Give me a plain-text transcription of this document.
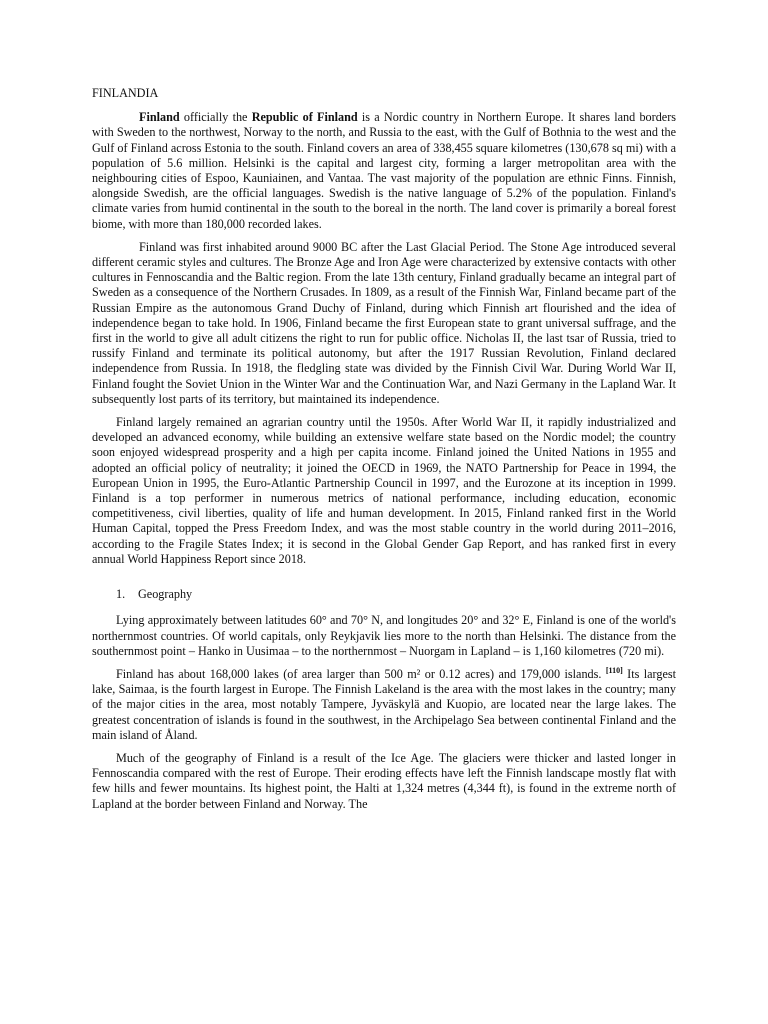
FINLANDIA

Finland officially the Republic of Finland is a Nordic country in Northern Europe. It shares land borders with Sweden to the northwest, Norway to the north, and Russia to the east, with the Gulf of Bothnia to the west and the Gulf of Finland across Estonia to the south. Finland covers an area of 338,455 square kilometres (130,678 sq mi) with a population of 5.6 million. Helsinki is the capital and largest city, forming a larger metropolitan area with the neighbouring cities of Espoo, Kauniainen, and Vantaa. The vast majority of the population are ethnic Finns. Finnish, alongside Swedish, are the official languages. Swedish is the native language of 5.2% of the population. Finland's climate varies from humid continental in the south to the boreal in the north. The land cover is primarily a boreal forest biome, with more than 180,000 recorded lakes.

Finland was first inhabited around 9000 BC after the Last Glacial Period. The Stone Age introduced several different ceramic styles and cultures. The Bronze Age and Iron Age were characterized by extensive contacts with other cultures in Fennoscandia and the Baltic region. From the late 13th century, Finland gradually became an integral part of Sweden as a consequence of the Northern Crusades. In 1809, as a result of the Finnish War, Finland became part of the Russian Empire as the autonomous Grand Duchy of Finland, during which Finnish art flourished and the idea of independence began to take hold. In 1906, Finland became the first European state to grant universal suffrage, and the first in the world to give all adult citizens the right to run for public office. Nicholas II, the last tsar of Russia, tried to russify Finland and terminate its political autonomy, but after the 1917 Russian Revolution, Finland declared independence from Russia. In 1918, the fledgling state was divided by the Finnish Civil War. During World War II, Finland fought the Soviet Union in the Winter War and the Continuation War, and Nazi Germany in the Lapland War. It subsequently lost parts of its territory, but maintained its independence.

Finland largely remained an agrarian country until the 1950s. After World War II, it rapidly industrialized and developed an advanced economy, while building an extensive welfare state based on the Nordic model; the country soon enjoyed widespread prosperity and a high per capita income. Finland joined the United Nations in 1955 and adopted an official policy of neutrality; it joined the OECD in 1969, the NATO Partnership for Peace in 1994, the European Union in 1995, the Euro-Atlantic Partnership Council in 1997, and the Eurozone at its inception in 1999. Finland is a top performer in numerous metrics of national performance, including education, economic competitiveness, civil liberties, quality of life and human development. In 2015, Finland ranked first in the World Human Capital, topped the Press Freedom Index, and was the most stable country in the world during 2011–2016, according to the Fragile States Index; it is second in the Global Gender Gap Report, and has ranked first in every annual World Happiness Report since 2018.

1.	Geography

Lying approximately between latitudes 60° and 70° N, and longitudes 20° and 32° E, Finland is one of the world's northernmost countries. Of world capitals, only Reykjavik lies more to the north than Helsinki. The distance from the southernmost point – Hanko in Uusimaa – to the northernmost – Nuorgam in Lapland – is 1,160 kilometres (720 mi).

Finland has about 168,000 lakes (of area larger than 500 m² or 0.12 acres) and 179,000 islands. [110] Its largest lake, Saimaa, is the fourth largest in Europe. The Finnish Lakeland is the area with the most lakes in the country; many of the major cities in the area, most notably Tampere, Jyväskylä and Kuopio, are located near the large lakes. The greatest concentration of islands is found in the southwest, in the Archipelago Sea between continental Finland and the main island of Åland.

Much of the geography of Finland is a result of the Ice Age. The glaciers were thicker and lasted longer in Fennoscandia compared with the rest of Europe. Their eroding effects have left the Finnish landscape mostly flat with few hills and fewer mountains. Its highest point, the Halti at 1,324 metres (4,344 ft), is found in the extreme north of Lapland at the border between Finland and Norway. The
